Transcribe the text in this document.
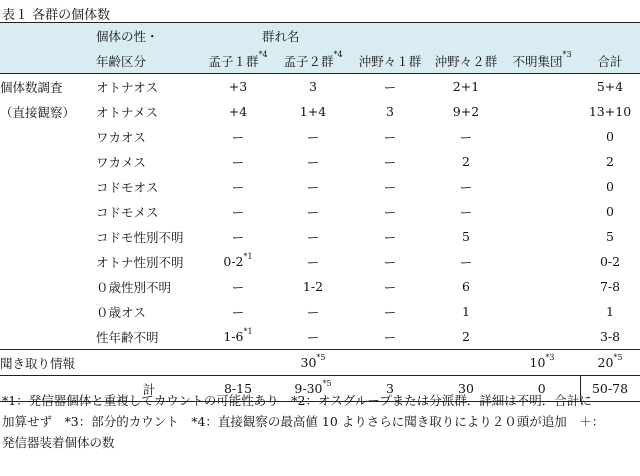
表１ 各群の個体数
	個体の性・	群れ名					
	年齢区分	孟子１群$^{*4}$	孟子２群$^{*4}$	沖野々１群	沖野々２群	不明集団$^{*3}$	合計
個体数調査	オトナオス	+3	3	ー	2+1		5+4
（直接観察）	オトナメス	+4	1+4	3	9+2		13+10
	ワカオス	ー	ー	ー	ー		0
	ワカメス	ー	ー	ー	2		2
	コドモオス	ー	ー	ー	ー		0
	コドモメス	ー	ー	ー	ー		0
	コドモ性別不明	ー	ー	ー	5		5
	オトナ性別不明	0-2$^{*1}$	ー	ー	ー		0-2
	０歳性別不明	ー	1-2	ー	6		7-8
	０歳オス	ー	ー	ー	1		1
	性年齢不明	1-6$^{*1}$	ー	ー	2		3-8
聞き取り情報			30$^{*5}$			10$^{*3}$	20$^{*5}$
	計	8-15	9-30$^{*5}$	3	30	0	50-78
*1：発信器個体と重複してカウントの可能性あり　*2：オスグループまたは分派群．詳細は不明．合計に
加算せず　*3：部分的カウント　*4：直接観察の最高値 10 よりさらに聞き取りにより２０頭が追加　＋：
発信器装着個体の数
